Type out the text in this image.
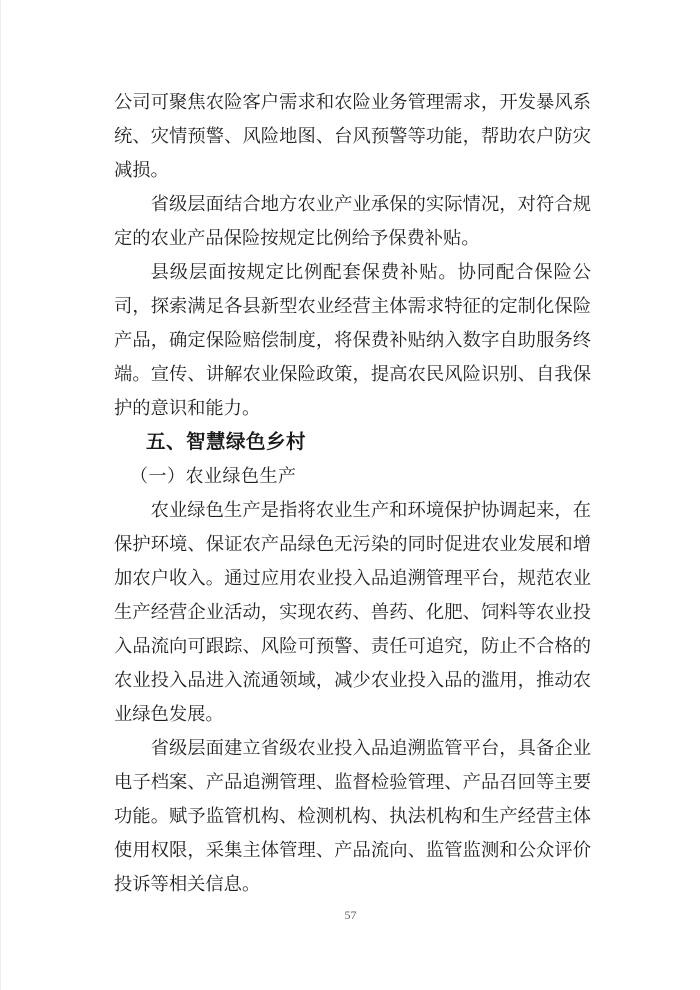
公司可聚焦农险客户需求和农险业务管理需求，开发暴风系统、灾情预警、风险地图、台风预警等功能，帮助农户防灾减损。

省级层面结合地方农业产业承保的实际情况，对符合规定的农业产品保险按规定比例给予保费补贴。

县级层面按规定比例配套保费补贴。协同配合保险公司，探索满足各县新型农业经营主体需求特征的定制化保险产品，确定保险赔偿制度，将保费补贴纳入数字自助服务终端。宣传、讲解农业保险政策，提高农民风险识别、自我保护的意识和能力。

五、智慧绿色乡村
（一）农业绿色生产

农业绿色生产是指将农业生产和环境保护协调起来，在保护环境、保证农产品绿色无污染的同时促进农业发展和增加农户收入。通过应用农业投入品追溯管理平台，规范农业生产经营企业活动，实现农药、兽药、化肥、饲料等农业投入品流向可跟踪、风险可预警、责任可追究，防止不合格的农业投入品进入流通领域，减少农业投入品的滥用，推动农业绿色发展。

省级层面建立省级农业投入品追溯监管平台，具备企业电子档案、产品追溯管理、监督检验管理、产品召回等主要功能。赋予监管机构、检测机构、执法机构和生产经营主体使用权限，采集主体管理、产品流向、监管监测和公众评价投诉等相关信息。

57
